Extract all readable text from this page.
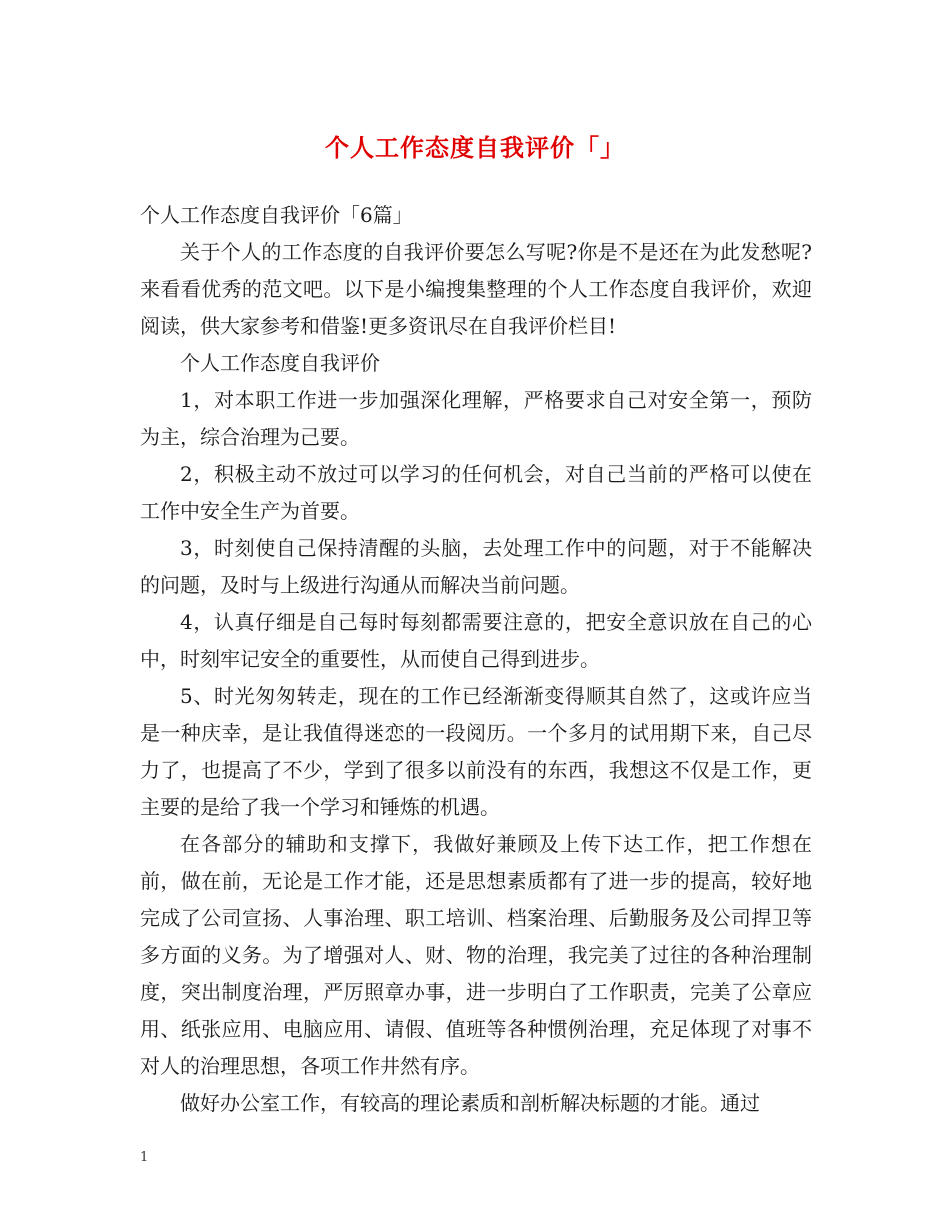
个人工作态度自我评价「」

个人工作态度自我评价「6篇」

关于个人的工作态度的自我评价要怎么写呢?你是不是还在为此发愁呢?来看看优秀的范文吧。以下是小编搜集整理的个人工作态度自我评价，欢迎阅读，供大家参考和借鉴!更多资讯尽在自我评价栏目!

个人工作态度自我评价

1，对本职工作进一步加强深化理解，严格要求自己对安全第一，预防为主，综合治理为己要。

2，积极主动不放过可以学习的任何机会，对自己当前的严格可以使在工作中安全生产为首要。

3，时刻使自己保持清醒的头脑，去处理工作中的问题，对于不能解决的问题，及时与上级进行沟通从而解决当前问题。

4，认真仔细是自己每时每刻都需要注意的，把安全意识放在自己的心中，时刻牢记安全的重要性，从而使自己得到进步。

5、时光匆匆转走，现在的工作已经渐渐变得顺其自然了，这或许应当是一种庆幸，是让我值得迷恋的一段阅历。一个多月的试用期下来，自己尽力了，也提高了不少，学到了很多以前没有的东西，我想这不仅是工作，更主要的是给了我一个学习和锤炼的机遇。

在各部分的辅助和支撑下，我做好兼顾及上传下达工作，把工作想在前，做在前，无论是工作才能，还是思想素质都有了进一步的提高，较好地完成了公司宣扬、人事治理、职工培训、档案治理、后勤服务及公司捍卫等多方面的义务。为了增强对人、财、物的治理，我完美了过往的各种治理制度，突出制度治理，严厉照章办事，进一步明白了工作职责，完美了公章应用、纸张应用、电脑应用、请假、值班等各种惯例治理，充足体现了对事不对人的治理思想，各项工作井然有序。

做好办公室工作，有较高的理论素质和剖析解决标题的才能。通过

1
